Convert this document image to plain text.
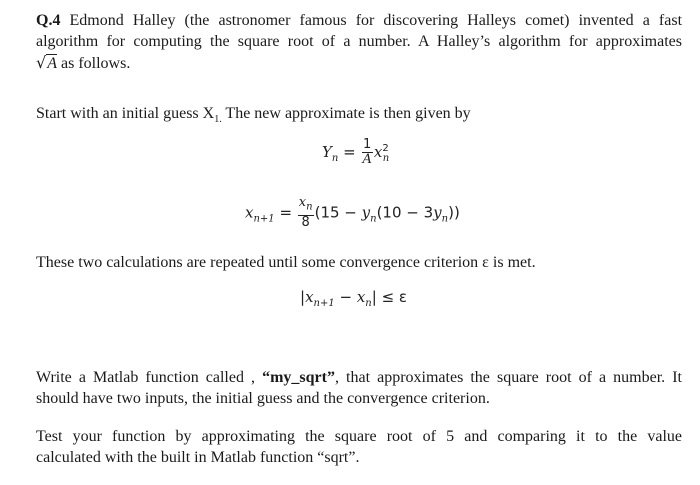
Q.4 Edmond Halley (the astronomer famous for discovering Halleys comet) invented a fast
algorithm for computing the square root of a number. A Halley’s algorithm for approximates
√A as follows.
Start with an initial guess $X_{1.}$ The new approximate is then given by
$Y_n = \frac{1}{A} x^2_n$
$x_{n+1} = \frac{x_n}{8} (15 - y_n(10 - 3y_n))$
These two calculations are repeated until some convergence criterion ε is met.
$|x_{n+1} - x_n| \le \varepsilon$
Write a Matlab function called , “my_sqrt”, that approximates the square root of a number. It
should have two inputs, the initial guess and the convergence criterion.
Test your function by approximating the square root of 5 and comparing it to the value
calculated with the built in Matlab function “sqrt”.
